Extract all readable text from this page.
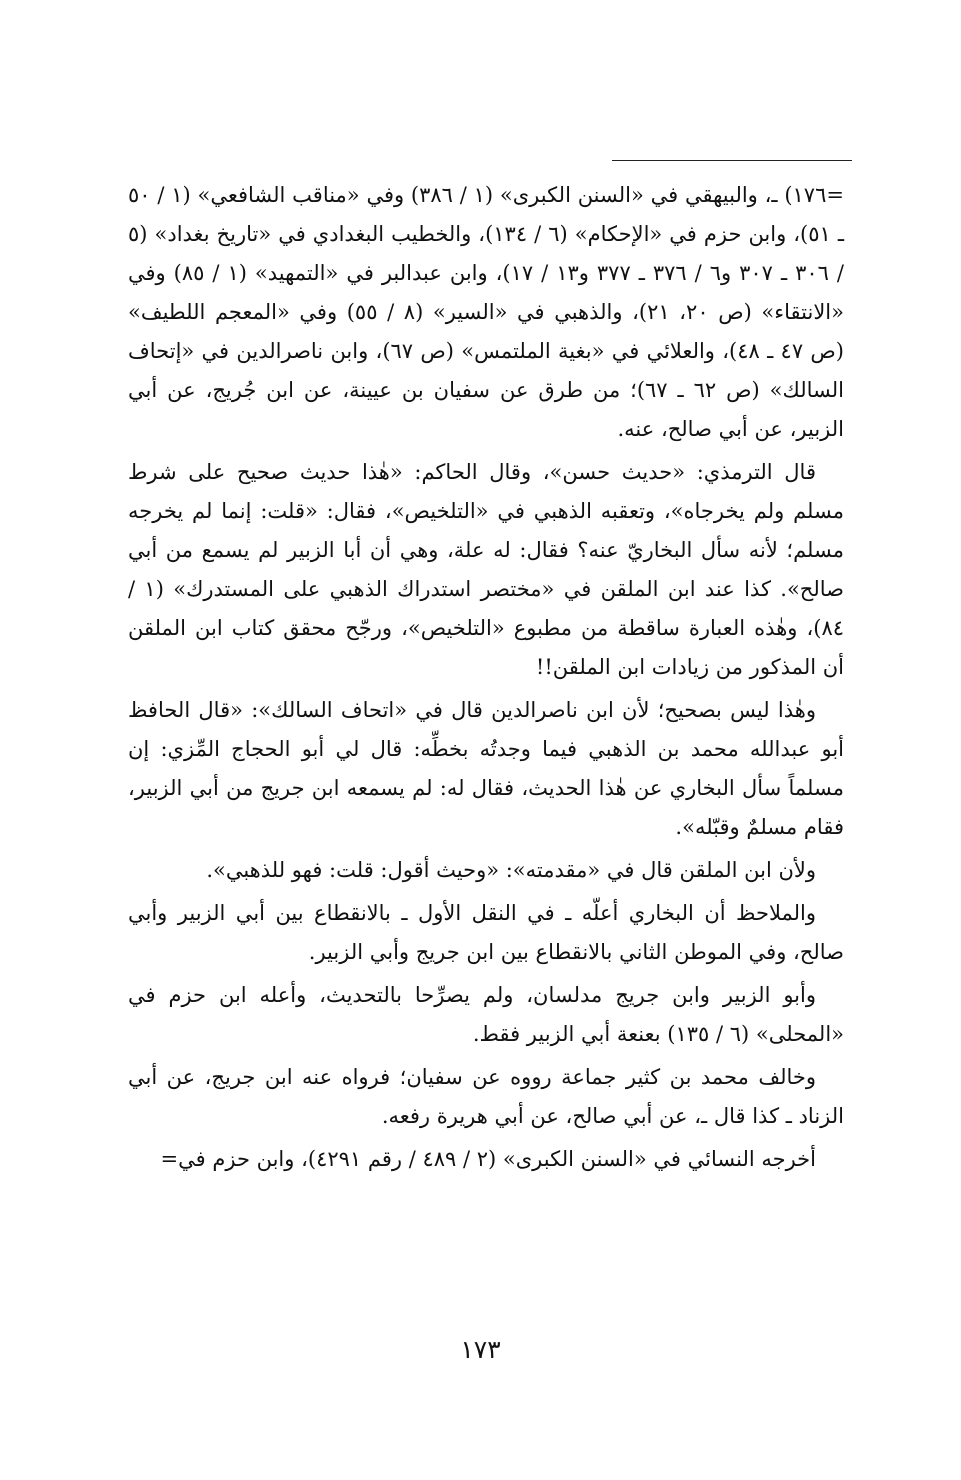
=١٧٦) ـ، والبيهقي في «السنن الكبرى» (١ / ٣٨٦) وفي «مناقب الشافعي» (١ / ٥٠ ـ ٥١)، وابن حزم في «الإحكام» (٦ / ١٣٤)، والخطيب البغدادي في «تاريخ بغداد» (٥ / ٣٠٦ ـ ٣٠٧ و٦ / ٣٧٦ ـ ٣٧٧ و١٣ / ١٧)، وابن عبدالبر في «التمهيد» (١ / ٨٥) وفي «الانتقاء» (ص ٢٠، ٢١)، والذهبي في «السير» (٨ / ٥٥) وفي «المعجم اللطيف» (ص ٤٧ ـ ٤٨)، والعلائي في «بغية الملتمس» (ص ٦٧)، وابن ناصرالدين في «إتحاف السالك» (ص ٦٢ ـ ٦٧)؛ من طرق عن سفيان بن عيينة، عن ابن جُريج، عن أبي الزبير، عن أبي صالح، عنه.

قال الترمذي: «حديث حسن»، وقال الحاكم: «هٰذا حديث صحيح على شرط مسلم ولم يخرجاه»، وتعقبه الذهبي في «التلخيص»، فقال: «قلت: إنما لم يخرجه مسلم؛ لأنه سأل البخاريّ عنه؟ فقال: له علة، وهي أن أبا الزبير لم يسمع من أبي صالح». كذا عند ابن الملقن في «مختصر استدراك الذهبي على المستدرك» (١ / ٨٤)، وهٰذه العبارة ساقطة من مطبوع «التلخيص»، ورجّح محقق كتاب ابن الملقن أن المذكور من زيادات ابن الملقن!!

وهٰذا ليس بصحيح؛ لأن ابن ناصرالدين قال في «اتحاف السالك»: «قال الحافظ أبو عبدالله محمد بن الذهبي فيما وجدتُه بخطِّه: قال لي أبو الحجاج المِّزي: إن مسلماً سأل البخاري عن هٰذا الحديث، فقال له: لم يسمعه ابن جريج من أبي الزبير، فقام مسلمٌ وقبّله».

ولأن ابن الملقن قال في «مقدمته»: «وحيث أقول: قلت: فهو للذهبي».

والملاحظ أن البخاري أعلّه ـ في النقل الأول ـ بالانقطاع بين أبي الزبير وأبي صالح، وفي الموطن الثاني بالانقطاع بين ابن جريج وأبي الزبير.

وأبو الزبير وابن جريج مدلسان، ولم يصرِّحا بالتحديث، وأعله ابن حزم في «المحلى» (٦ / ١٣٥) بعنعة أبي الزبير فقط.

وخالف محمد بن كثير جماعة رووه عن سفيان؛ فرواه عنه ابن جريج، عن أبي الزناد ـ كذا قال ـ، عن أبي صالح، عن أبي هريرة رفعه.

أخرجه النسائي في «السنن الكبرى» (٢ / ٤٨٩ / رقم ٤٢٩١)، وابن حزم في=

١٧٣
